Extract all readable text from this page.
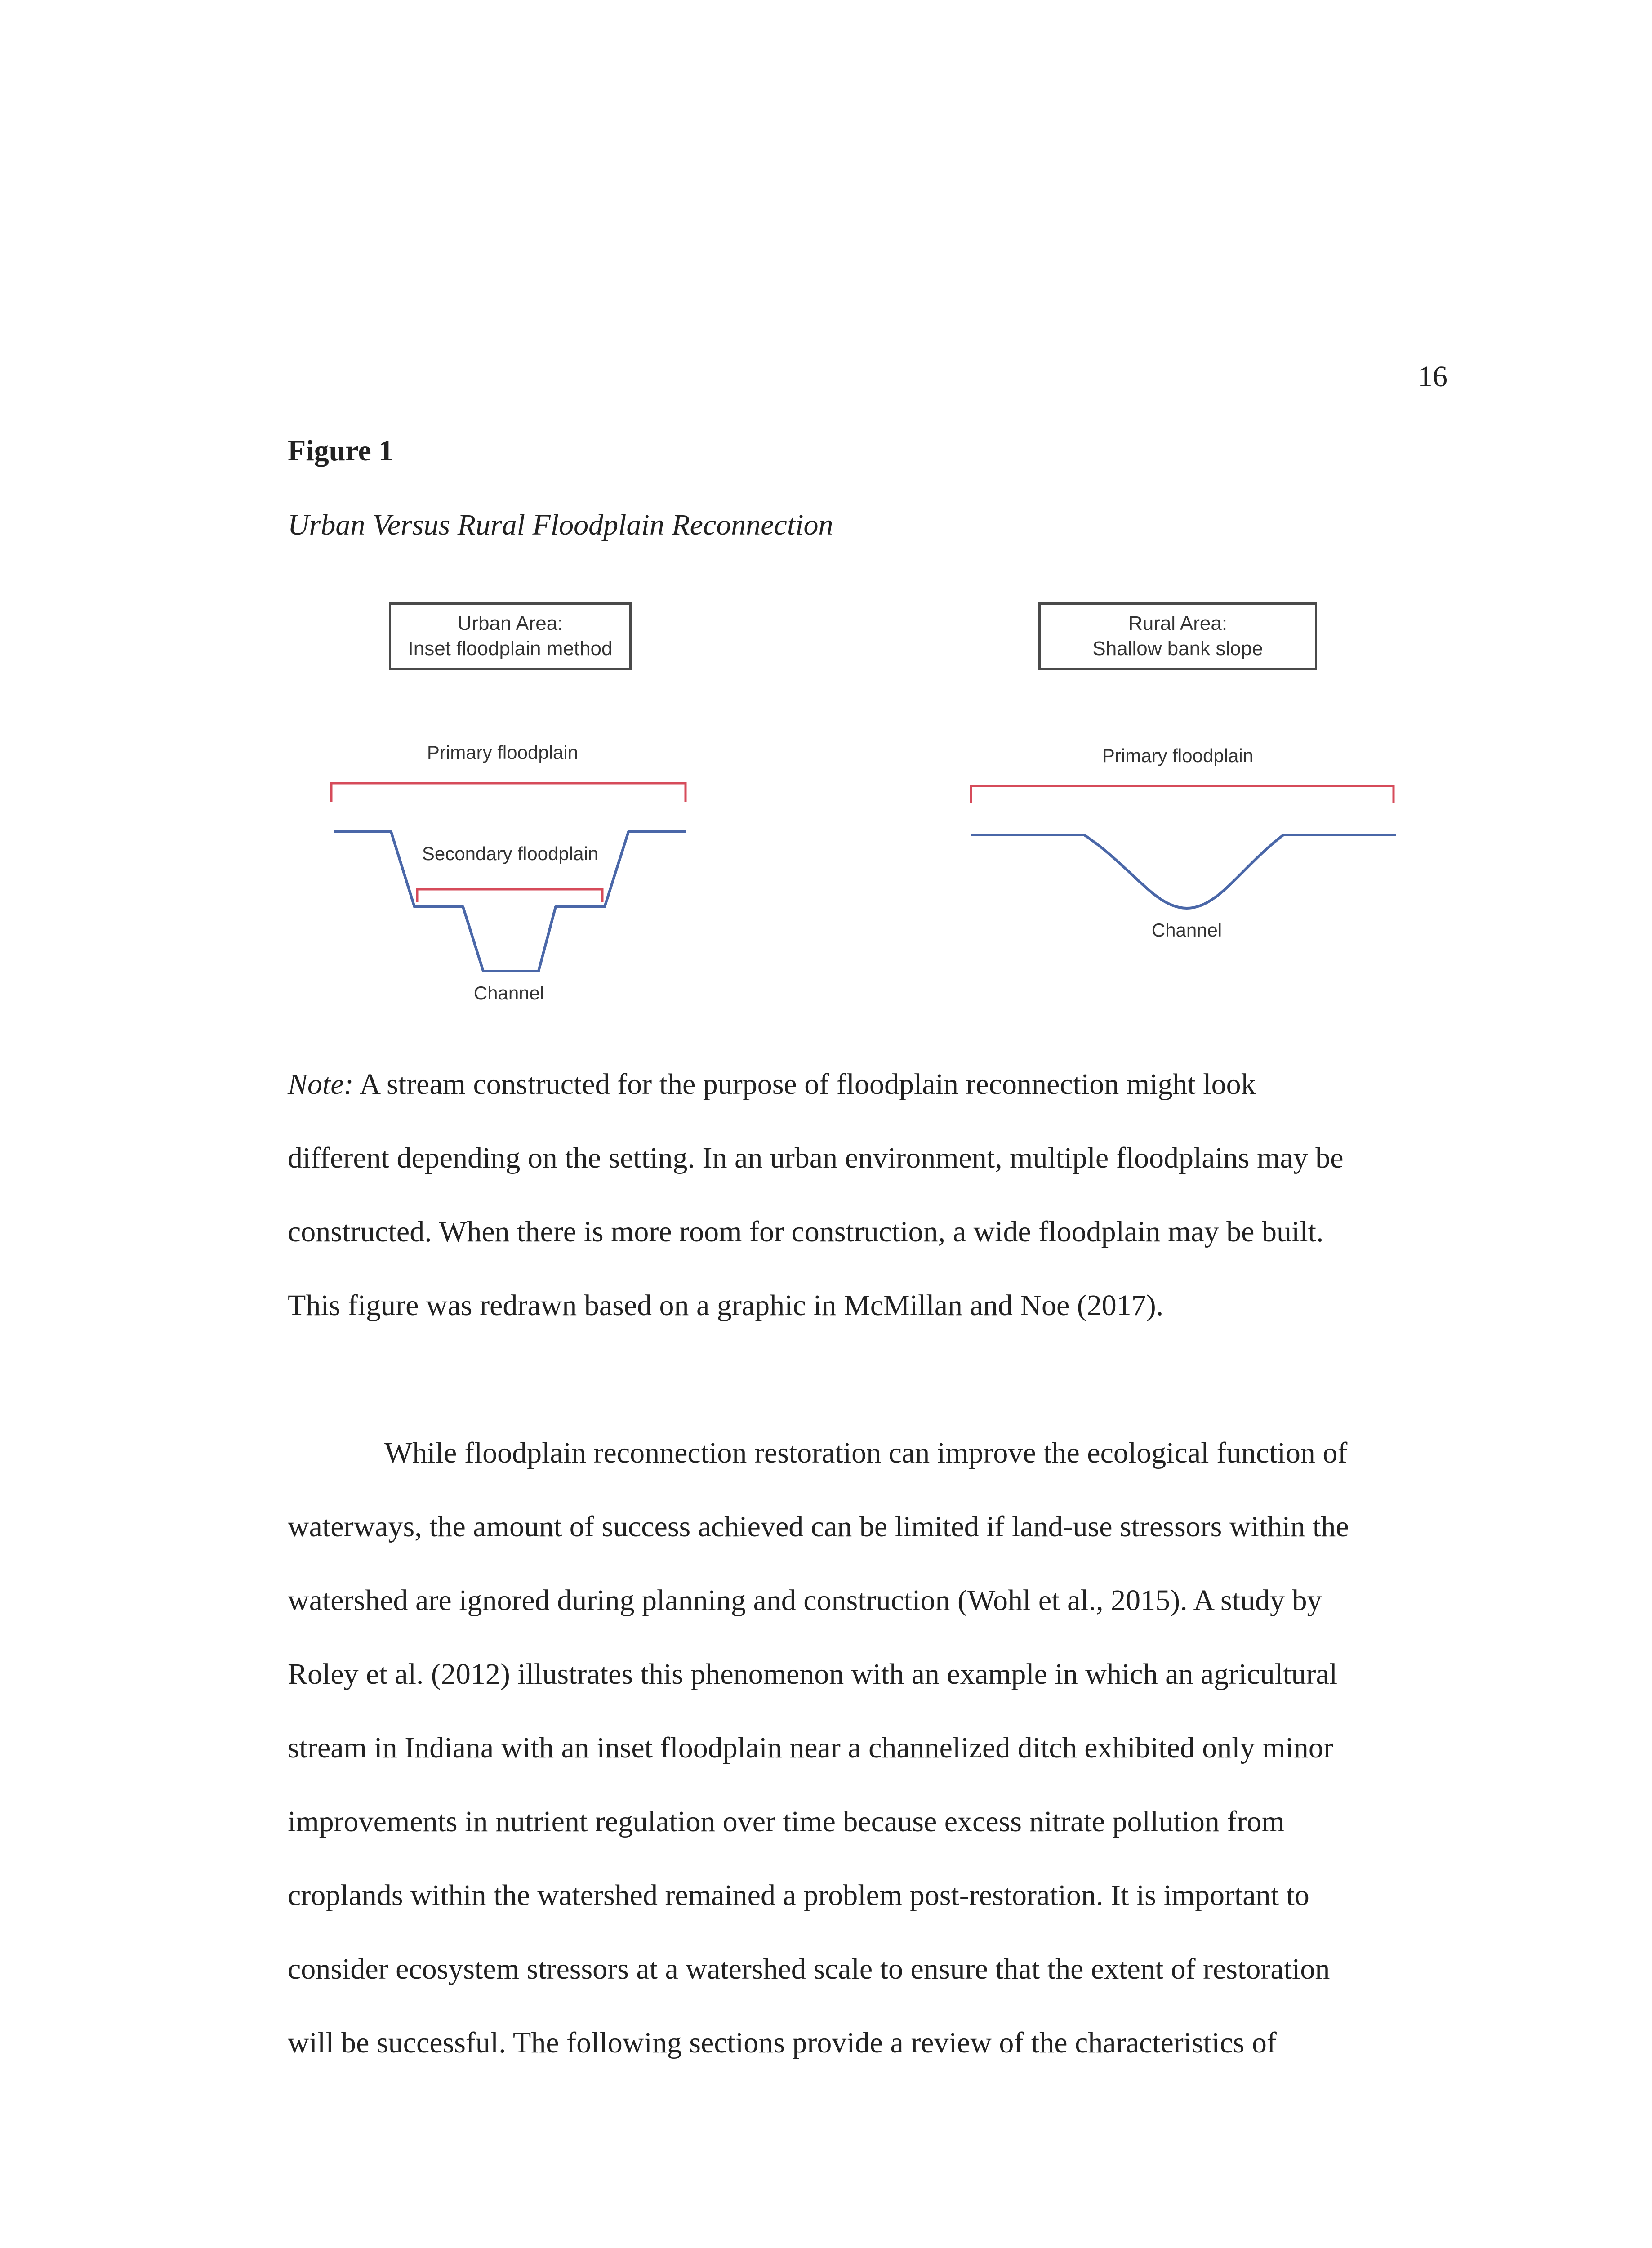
16
Figure 1
Urban Versus Rural Floodplain Reconnection
Urban Area:
Inset floodplain method
Rural Area:
Shallow bank slope
Primary floodplain
Secondary floodplain
Channel
Primary floodplain
Channel
Note: A stream constructed for the purpose of floodplain reconnection might look
different depending on the setting. In an urban environment, multiple floodplains may be
constructed. When there is more room for construction, a wide floodplain may be built.
This figure was redrawn based on a graphic in McMillan and Noe (2017).
While floodplain reconnection restoration can improve the ecological function of
waterways, the amount of success achieved can be limited if land-use stressors within the
watershed are ignored during planning and construction (Wohl et al., 2015). A study by
Roley et al. (2012) illustrates this phenomenon with an example in which an agricultural
stream in Indiana with an inset floodplain near a channelized ditch exhibited only minor
improvements in nutrient regulation over time because excess nitrate pollution from
croplands within the watershed remained a problem post-restoration. It is important to
consider ecosystem stressors at a watershed scale to ensure that the extent of restoration
will be successful. The following sections provide a review of the characteristics of
